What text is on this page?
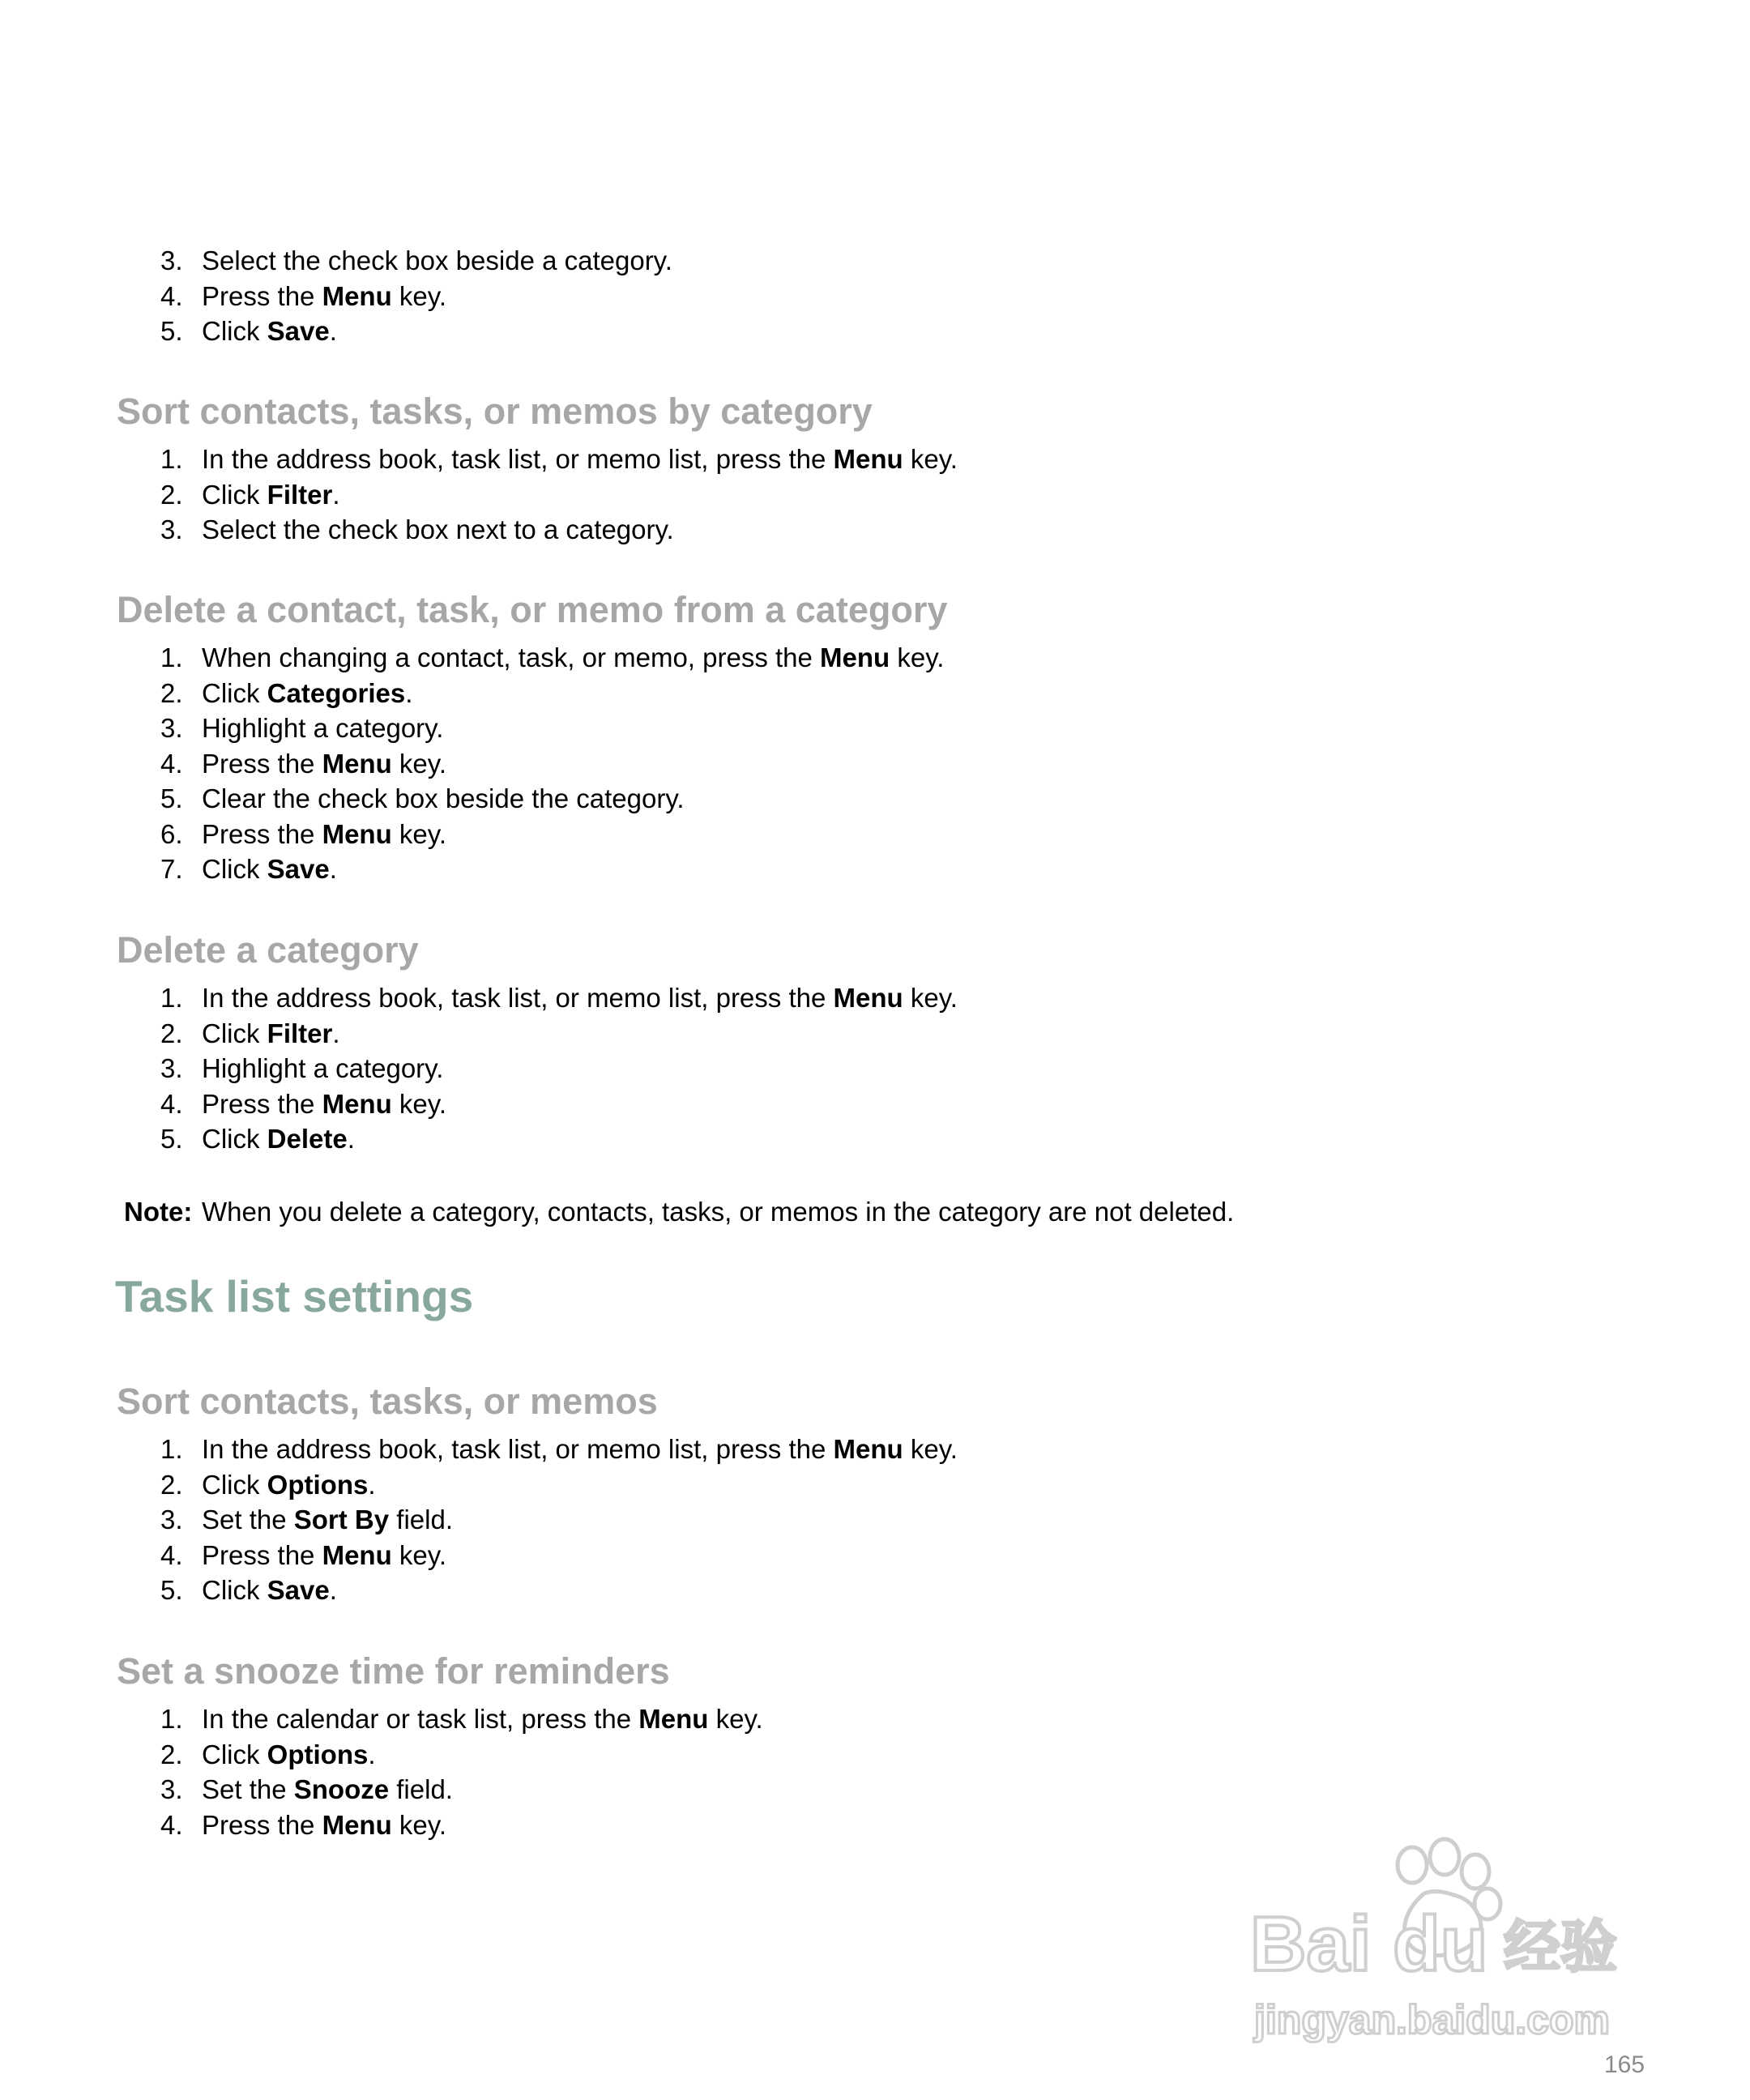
3. Select the check box beside a category.
4. Press the Menu key.
5. Click Save.
Sort contacts, tasks, or memos by category
1. In the address book, task list, or memo list, press the Menu key.
2. Click Filter.
3. Select the check box next to a category.
Delete a contact, task, or memo from a category
1. When changing a contact, task, or memo, press the Menu key.
2. Click Categories.
3. Highlight a category.
4. Press the Menu key.
5. Clear the check box beside the category.
6. Press the Menu key.
7. Click Save.
Delete a category
1. In the address book, task list, or memo list, press the Menu key.
2. Click Filter.
3. Highlight a category.
4. Press the Menu key.
5. Click Delete.
Note: When you delete a category, contacts, tasks, or memos in the category are not deleted.
Task list settings
Sort contacts, tasks, or memos
1. In the address book, task list, or memo list, press the Menu key.
2. Click Options.
3. Set the Sort By field.
4. Press the Menu key.
5. Click Save.
Set a snooze time for reminders
1. In the calendar or task list, press the Menu key.
2. Click Options.
3. Set the Snooze field.
4. Press the Menu key.
Bai du 经验
jingyan.baidu.com
165
